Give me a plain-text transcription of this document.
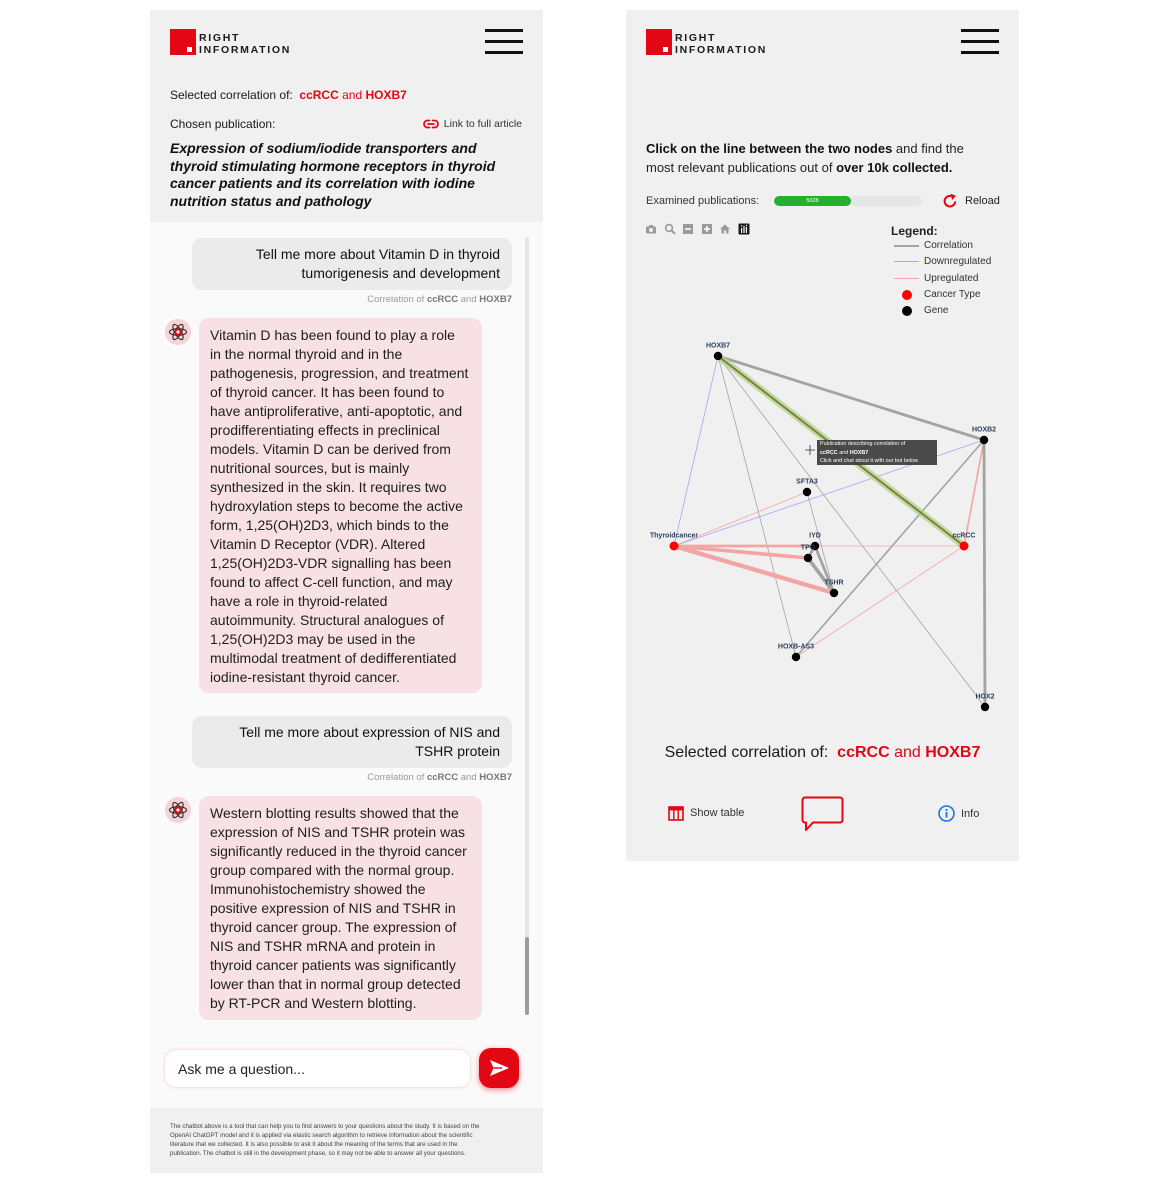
RIGHT
INFORMATION
Selected correlation of: ccRCC and HOXB7
Chosen publication:	Link to full article
Expression of sodium/iodide transporters and
thyroid stimulating hormone receptors in thyroid
cancer patients and its correlation with iodine
nutrition status and pathology
Tell me more about Vitamin D in thyroid
tumorigenesis and development
Correlation of ccRCC and HOXB7
Vitamin D has been found to play a role
in the normal thyroid and in the
pathogenesis, progression, and treatment
of thyroid cancer. It has been found to
have antiproliferative, anti-apoptotic, and
prodifferentiating effects in preclinical
models. Vitamin D can be derived from
nutritional sources, but is mainly
synthesized in the skin. It requires two
hydroxylation steps to become the active
form, 1,25(OH)2D3, which binds to the
Vitamin D Receptor (VDR). Altered
1,25(OH)2D3-VDR signalling has been
found to affect C-cell function, and may
have a role in thyroid-related
autoimmunity. Structural analogues of
1,25(OH)2D3 may be used in the
multimodal treatment of dedifferentiated
iodine-resistant thyroid cancer.
Tell me more about expression of NIS and
TSHR protein
Correlation of ccRCC and HOXB7
Western blotting results showed that the
expression of NIS and TSHR protein was
significantly reduced in the thyroid cancer
group compared with the normal group.
Immunohistochemistry showed the
positive expression of NIS and TSHR in
thyroid cancer group. The expression of
NIS and TSHR mRNA and protein in
thyroid cancer patients was significantly
lower than that in normal group detected
by RT-PCR and Western blotting.
Ask me a question...
The chatbot above is a tool that can help you to find answers to your questions about the study. It is based on the
OpenAI ChatGPT model and it is applied via elastic search algorithm to retrieve information about the scientific
literature that we collected. It is also possible to ask it about the meaning of the terms that are used in the
publication. The chatbot is still in the development phase, so it may not be able to answer all your questions.
RIGHT
INFORMATION
Click on the line between the two nodes and find the
most relevant publications out of over 10k collected.
Examined publications:	5028	Reload
Legend:
Correlation
Downregulated
Upregulated
Cancer Type
Gene
HOXB7
HOXB2
SFTA3
Thyroidcancer	ccRCC
IYD
TPO
TSHR
HOXB-AS3
HOX2
Publication describing correlation of
ccRCC and HOXB7
Click and chat about it with our bot below
Selected correlation of: ccRCC and HOXB7
Show table	Info
